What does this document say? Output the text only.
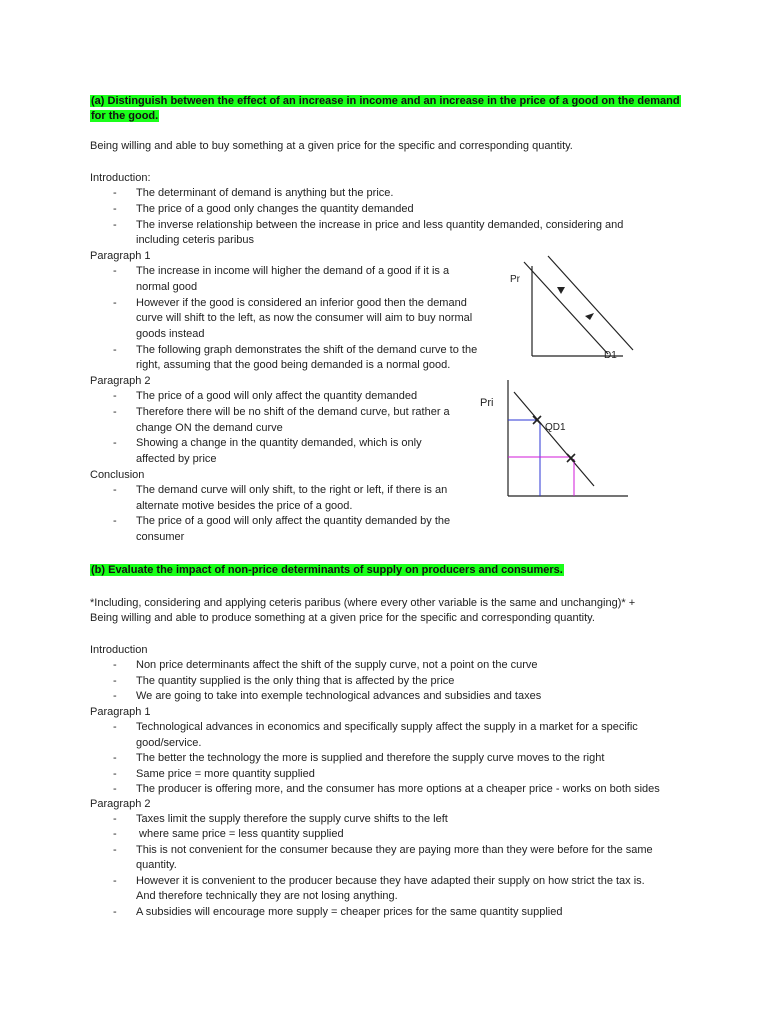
(a) Distinguish between the effect of an increase in income and an increase in the price of a good on the demand
for the good.
Being willing and able to buy something at a given price for the specific and corresponding quantity.
Introduction:
- The determinant of demand is anything but the price.
- The price of a good only changes the quantity demanded
- The inverse relationship between the increase in price and less quantity demanded, considering and
including ceteris paribus
Paragraph 1
- The increase in income will higher the demand of a good if it is a
normal good
- However if the good is considered an inferior good then the demand
curve will shift to the left, as now the consumer will aim to buy normal
goods instead
- The following graph demonstrates the shift of the demand curve to the
right, assuming that the good being demanded is a normal good.
Paragraph 2
- The price of a good will only affect the quantity demanded
- Therefore there will be no shift of the demand curve, but rather a
change ON the demand curve
- Showing a change in the quantity demanded, which is only
affected by price
Conclusion
- The demand curve will only shift, to the right or left, if there is an
alternate motive besides the price of a good.
- The price of a good will only affect the quantity demanded by the
consumer
Pr
D1
Pri
QD1
(b) Evaluate the impact of non-price determinants of supply on producers and consumers.
*Including, considering and applying ceteris paribus (where every other variable is the same and unchanging)* +
Being willing and able to produce something at a given price for the specific and corresponding quantity.
Introduction
- Non price determinants affect the shift of the supply curve, not a point on the curve
- The quantity supplied is the only thing that is affected by the price
- We are going to take into exemple technological advances and subsidies and taxes
Paragraph 1
- Technological advances in economics and specifically supply affect the supply in a market for a specific
good/service.
- The better the technology the more is supplied and therefore the supply curve moves to the right
- Same price = more quantity supplied
- The producer is offering more, and the consumer has more options at a cheaper price - works on both sides
Paragraph 2
- Taxes limit the supply therefore the supply curve shifts to the left
- where same price = less quantity supplied
- This is not convenient for the consumer because they are paying more than they were before for the same
quantity.
- However it is convenient to the producer because they have adapted their supply on how strict the tax is.
And therefore technically they are not losing anything.
- A subsidies will encourage more supply = cheaper prices for the same quantity supplied
